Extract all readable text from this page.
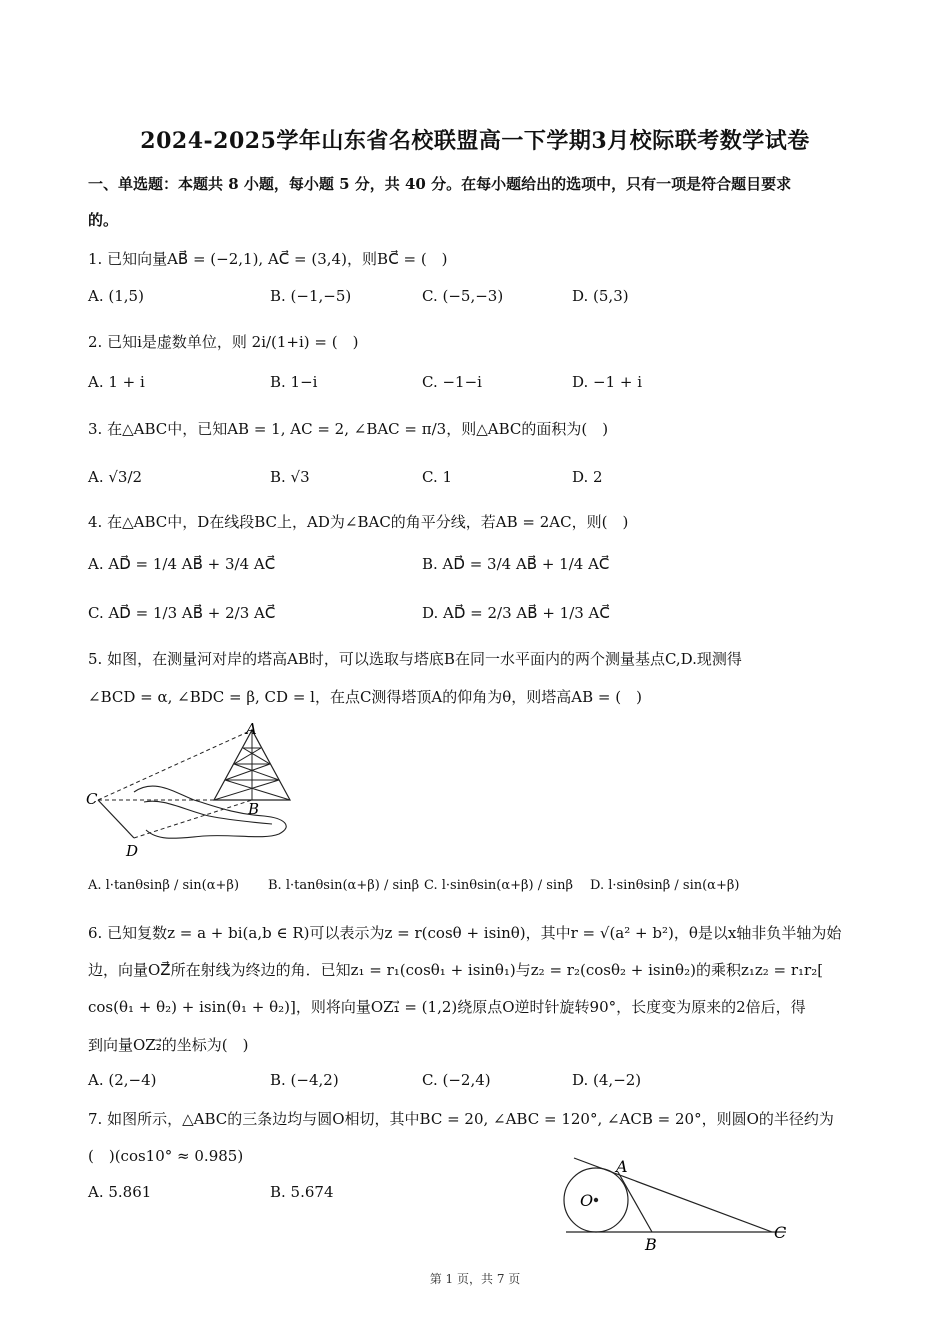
2024-2025学年山东省名校联盟高一下学期3月校际联考数学试卷
一、单选题：本题共 8 小题，每小题 5 分，共 40 分。在每小题给出的选项中，只有一项是符合题目要求
的。
1. 已知向量AB⃗ = (−2,1), AC⃗ = (3,4)，则BC⃗ = (　)
A. (1,5)	B. (−1,−5)	C. (−5,−3)	D. (5,3)
2. 已知i是虚数单位，则 2i/(1+i) = (　)
A. 1 + i	B. 1−i	C. −1−i	D. −1 + i
3. 在△ABC中，已知AB = 1, AC = 2, ∠BAC = π/3，则△ABC的面积为(　)
A. √3/2	B. √3	C. 1	D. 2
4. 在△ABC中，D在线段BC上，AD为∠BAC的角平分线，若AB = 2AC，则(　)
A. AD⃗ = 1/4 AB⃗ + 3/4 AC⃗	B. AD⃗ = 3/4 AB⃗ + 1/4 AC⃗
C. AD⃗ = 1/3 AB⃗ + 2/3 AC⃗	D. AD⃗ = 2/3 AB⃗ + 1/3 AC⃗
5. 如图，在测量河对岸的塔高AB时，可以选取与塔底B在同一水平面内的两个测量基点C,D.现测得
∠BCD = α, ∠BDC = β, CD = l，在点C测得塔顶A的仰角为θ，则塔高AB = (　)
A
B
C
D
A. l·tanθsinβ / sin(α+β) B. l·tanθsin(α+β) / sinβ C. l·sinθsin(α+β) / sinβ D. l·sinθsinβ / sin(α+β)
6. 已知复数z = a + bi(a,b ∈ R)可以表示为z = r(cosθ + isinθ)，其中r = √(a² + b²)，θ是以x轴非负半轴为始
边，向量OZ⃗所在射线为终边的角．已知z₁ = r₁(cosθ₁ + isinθ₁)与z₂ = r₂(cosθ₂ + isinθ₂)的乘积z₁z₂ = r₁r₂[
cos(θ₁ + θ₂) + isin(θ₁ + θ₂)]，则将向量OZ₁⃗ = (1,2)绕原点O逆时针旋转90°，长度变为原来的2倍后，得
到向量OZ₂⃗的坐标为(　)
A. (2,−4)	B. (−4,2)	C. (−2,4)	D. (4,−2)
7. 如图所示，△ABC的三条边均与圆O相切，其中BC = 20, ∠ABC = 120°, ∠ACB = 20°，则圆O的半径约为
(　)(cos10° ≈ 0.985)
A. 5.861	B. 5.674	O
A
B
C
第 1 页，共 7 页
